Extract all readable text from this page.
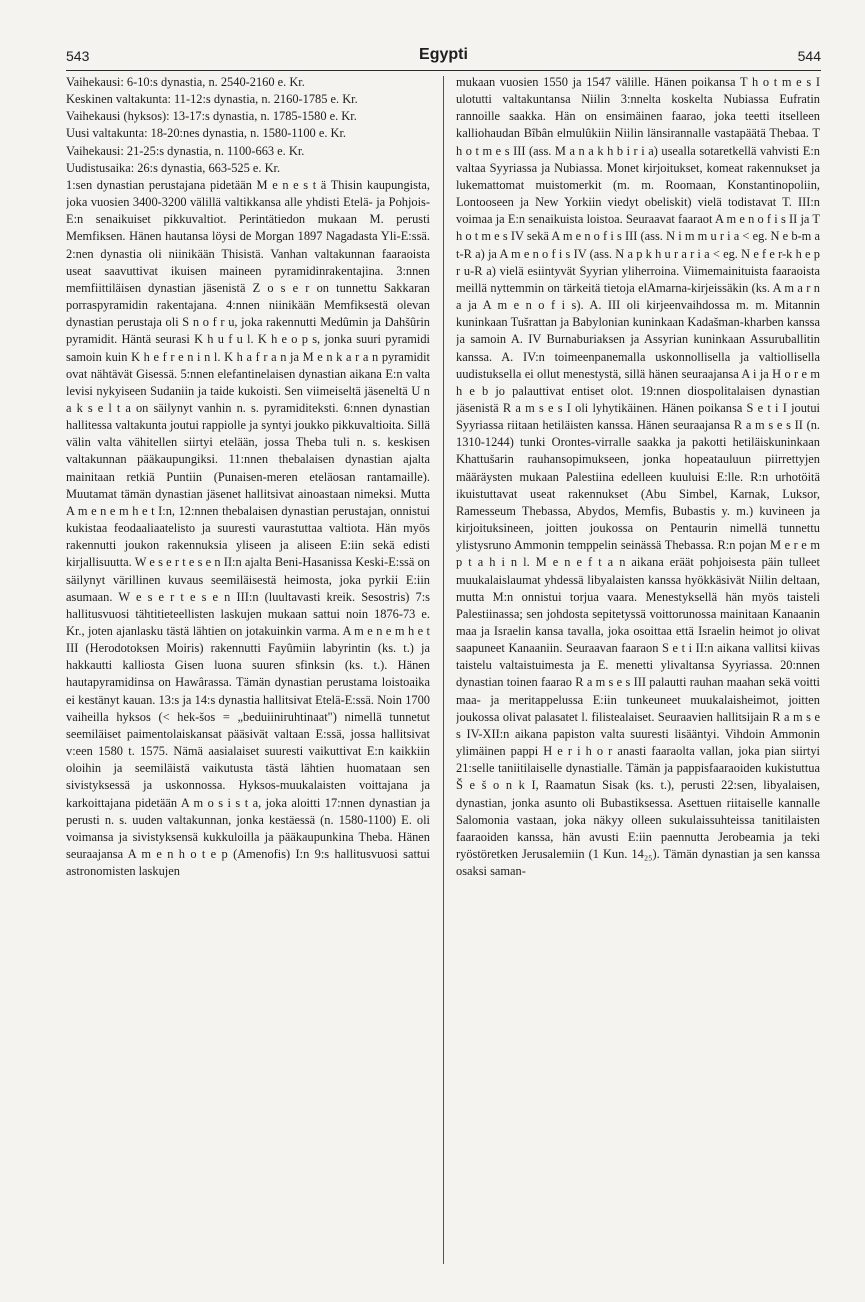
543	Egypti	544

Vaihekausi: 6-10:s dynastia, n. 2540-2160 e. Kr.

Keskinen valtakunta: 11-12:s dynastia, n. 2160-1785 e. Kr.

Vaihekausi (hyksos): 13-17:s dynastia, n. 1785-1580 e. Kr.

Uusi valtakunta: 18-20:nes dynastia, n. 1580-1100 e. Kr.

Vaihekausi: 21-25:s dynastia, n. 1100-663 e. Kr.

Uudistusaika: 26:s dynastia, 663-525 e. Kr.

1:sen dynastian perustajana pidetään M e n e s t ä Thisin kaupungista, joka vuosien 3400-3200 välillä valtikkansa alle yhdisti Etelä- ja Pohjois-E:n senaikuiset pikkuvaltiot. Perintätiedon mukaan M. perusti Memfiksen. Hänen hautansa löysi de Morgan 1897 Nagadasta Yli-E:ssä. 2:nen dynastia oli niinikään Thisistä. Vanhan valtakunnan faaraoista useat saavuttivat ikuisen maineen pyramidinrakentajina. 3:nnen memfiittiläisen dynastian jäsenistä Z o s e r on tunnettu Sakkaran porraspyramidin rakentajana. 4:nnen niinikään Memfiksestä olevan dynastian perustaja oli S n o f r u, joka rakennutti Medûmin ja Dahšûrin pyramidit. Häntä seurasi K h u f u l. K h e o p s, jonka suuri pyramidi samoin kuin K h e f r e n i n l. K h a f r a n ja M e n k a r a n pyramidit ovat nähtävät Gisessä. 5:nnen elefantinelaisen dynastian aikana E:n valta levisi nykyiseen Sudaniin ja taide kukoisti. Sen viimeiseltä jäseneltä U n a k s e l t a on säilynyt vanhin n. s. pyramiditeksti. 6:nnen dynastian hallitessa valtakunta joutui rappiolle ja syntyi joukko pikkuvaltioita. Sillä välin valta vähitellen siirtyi etelään, jossa Theba tuli n. s. keskisen valtakunnan pääkaupungiksi. 11:nnen thebalaisen dynastian ajalta mainitaan retkiä Puntiin (Punaisen-meren eteläosan rantamaille). Muutamat tämän dynastian jäsenet hallitsivat ainoastaan nimeksi. Mutta A m e n e m h e t I:n, 12:nnen thebalaisen dynastian perustajan, onnistui kukistaa feodaaliaatelisto ja suuresti vaurastuttaa valtiota. Hän myös rakennutti joukon rakennuksia yliseen ja aliseen E:iin sekä edisti kirjallisuutta. W e s e r t e s e n II:n ajalta Beni-Hasanissa Keski-E:ssä on säilynyt värillinen kuvaus seemiläisestä heimosta, joka pyrkii E:iin asumaan. W e s e r t e s e n III:n (luultavasti kreik. Sesostris) 7:s hallitusvuosi tähtitieteellisten laskujen mukaan sattui noin 1876-73 e. Kr., joten ajanlasku tästä lähtien on jotakuinkin varma. A m e n e m h e t III (Herodotoksen Moiris) rakennutti Fayûmiin labyrintin (ks. t.) ja hakkautti kalliosta Gisen luona suuren sfinksin (ks. t.). Hänen hautapyramidinsa on Hawârassa. Tämän dynastian perustama loistoaika ei kestänyt kauan. 13:s ja 14:s dynastia hallitsivat Etelä-E:ssä. Noin 1700 vaiheilla hyksos (< hek-šos = „beduiiniruhtinaat") nimellä tunnetut seemiläiset paimentolaiskansat pääsivät valtaan E:ssä, jossa hallitsivat v:een 1580 t. 1575. Nämä aasialaiset suuresti vaikuttivat E:n kaikkiin oloihin ja seemiläistä vaikutusta tästä lähtien huomataan sen sivistyksessä ja uskonnossa. Hyksos-muukalaisten voittajana ja karkoittajana pidetään A m o s i s t a, joka aloitti 17:nnen dynastian ja perusti n. s. uuden valtakunnan, jonka kestäessä (n. 1580-1100) E. oli voimansa ja sivistyksensä kukkuloilla ja pääkaupunkina Theba. Hänen seuraajansa A m e n h o t e p (Amenofis) I:n 9:s hallitusvuosi sattui astronomisten laskujen

mukaan vuosien 1550 ja 1547 välille. Hänen poikansa T h o t m e s I ulotutti valtakuntansa Niilin 3:nnelta koskelta Nubiassa Eufratin rannoille saakka. Hän on ensimäinen faarao, joka teetti itselleen kalliohaudan Bîbân elmulûkiin Niilin länsirannalle vastapäätä Thebaa. T h o t m e s III (ass. M a n a k h b i r i a) usealla sotaretkellä vahvisti E:n valtaa Syyriassa ja Nubiassa. Monet kirjoitukset, komeat rakennukset ja lukemattomat muistomerkit (m. m. Roomaan, Konstantinopoliin, Lontooseen ja New Yorkiin viedyt obeliskit) vielä todistavat T. III:n voimaa ja E:n senaikuista loistoa. Seuraavat faaraot A m e n o f i s II ja T h o t m e s IV sekä A m e n o f i s III (ass. N i m m u r i a < eg. N e b-m a t-R a) ja A m e n o f i s IV (ass. N a p k h u r a r i a < eg. N e f e r-k h e p r u-R a) vielä esiintyvät Syyrian yliherroina. Viimemainituista faaraoista meillä nyttemmin on tärkeitä tietoja elAmarna-kirjeissäkin (ks. A m a r n a ja A m e n o f i s). A. III oli kirjeenvaihdossa m. m. Mitannin kuninkaan Tušrattan ja Babylonian kuninkaan Kadašman-kharben kanssa ja samoin A. IV Burnaburiaksen ja Assyrian kuninkaan Assuruballitin kanssa. A. IV:n toimeenpanemalla uskonnollisella ja valtiollisella uudistuksella ei ollut menestystä, sillä hänen seuraajansa A i ja H o r e m h e b jo palauttivat entiset olot. 19:nnen diospolitalaisen dynastian jäsenistä R a m s e s I oli lyhytikäinen. Hänen poikansa S e t i I joutui Syyriassa riitaan hetiläisten kanssa. Hänen seuraajansa R a m s e s II (n. 1310-1244) tunki Orontes-virralle saakka ja pakotti hetiläiskuninkaan Khattušarin rauhansopimukseen, jonka hopeatauluun piirrettyjen määräysten mukaan Palestiina edelleen kuuluisi E:lle. R:n urhotöitä ikuistuttavat useat rakennukset (Abu Simbel, Karnak, Luksor, Ramesseum Thebassa, Abydos, Memfis, Bubastis y. m.) kuvineen ja kirjoituksineen, joitten joukossa on Pentaurin nimellä tunnettu ylistysruno Ammonin temppelin seinässä Thebassa. R:n pojan M e r e m p t a h i n l. M e n e f t a n aikana eräät pohjoisesta päin tulleet muukalaislaumat yhdessä libyalaisten kanssa hyökkäsivät Niilin deltaan, mutta M:n onnistui torjua vaara. Menestyksellä hän myös taisteli Palestiinassa; sen johdosta sepitetyssä voittorunossa mainitaan Kanaanin maa ja Israelin kansa tavalla, joka osoittaa että Israelin heimot jo olivat saapuneet Kanaaniin. Seuraavan faaraon S e t i II:n aikana vallitsi kiivas taistelu valtaistuimesta ja E. menetti ylivaltansa Syyriassa. 20:nnen dynastian toinen faarao R a m s e s III palautti rauhan maahan sekä voitti maa- ja meritappelussa E:iin tunkeuneet muukalaisheimot, joitten joukossa olivat palasatet l. filistealaiset. Seuraavien hallitsijain R a m s e s IV-XII:n aikana papiston valta suuresti lisääntyi. Vihdoin Ammonin ylimäinen pappi H e r i h o r anasti faaraolta vallan, joka pian siirtyi 21:selle taniitilaiselle dynastialle. Tämän ja pappisfaaraoiden kukistuttua Š e š o n k I, Raamatun Sisak (ks. t.), perusti 22:sen, libyalaisen, dynastian, jonka asunto oli Bubastiksessa. Asettuen riitaiselle kannalle Salomonia vastaan, joka näkyy olleen sukulaissuhteissa tanitilaisten faaraoiden kanssa, hän avusti E:iin paennutta Jerobeamia ja teki ryöstöretken Jerusalemiin (1 Kun. 14₂₅). Tämän dynastian ja sen kanssa osaksi saman-
